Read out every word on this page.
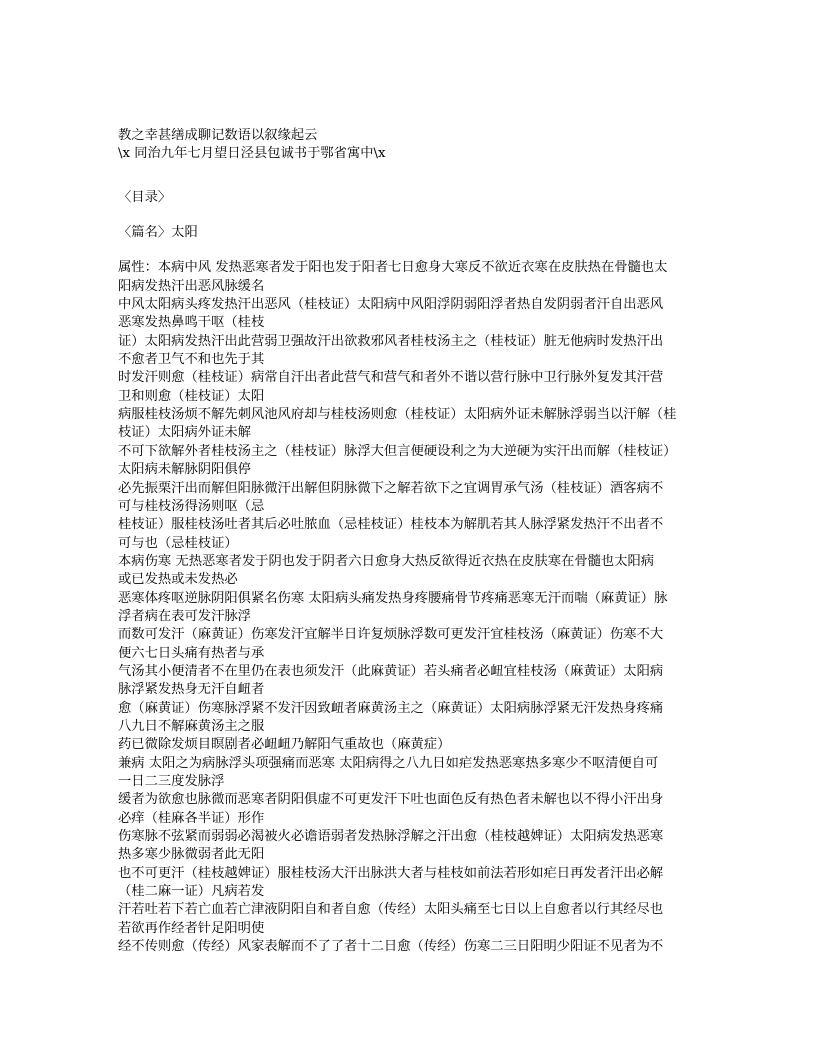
教之幸甚缮成聊记数语以叙缘起云
\x 同治九年七月望日泾县包诚书于鄂省寓中\x
〈目录〉
〈篇名〉太阳
属性：本病中风 发热恶寒者发于阳也发于阳者七日愈身大寒反不欲近衣寒在皮肤热在骨髓也太
阳病发热汗出恶风脉缓名
中风太阳病头疼发热汗出恶风（桂枝证）太阳病中风阳浮阴弱阳浮者热自发阴弱者汗自出恶风
恶寒发热鼻鸣干呕（桂枝
证）太阳病发热汗出此营弱卫强故汗出欲救邪风者桂枝汤主之（桂枝证）脏无他病时发热汗出
不愈者卫气不和也先于其
时发汗则愈（桂枝证）病常自汗出者此营气和营气和者外不谐以营行脉中卫行脉外复发其汗营
卫和则愈（桂枝证）太阳
病服桂枝汤烦不解先刺风池风府却与桂枝汤则愈（桂枝证）太阳病外证未解脉浮弱当以汗解（桂
枝证）太阳病外证未解
不可下欲解外者桂枝汤主之（桂枝证）脉浮大但言便硬设利之为大逆硬为实汗出而解（桂枝证）
太阳病未解脉阴阳俱停
必先振栗汗出而解但阳脉微汗出解但阴脉微下之解若欲下之宜调胃承气汤（桂枝证）酒客病不
可与桂枝汤得汤则呕（忌
桂枝证）服桂枝汤吐者其后必吐脓血（忌桂枝证）桂枝本为解肌若其人脉浮紧发热汗不出者不
可与也（忌桂枝证）
本病伤寒 无热恶寒者发于阴也发于阴者六日愈身大热反欲得近衣热在皮肤寒在骨髓也太阳病
或已发热或未发热必
恶寒体疼呕逆脉阴阳俱紧名伤寒 太阳病头痛发热身疼腰痛骨节疼痛恶寒无汗而喘（麻黄证）脉
浮者病在表可发汗脉浮
而数可发汗（麻黄证）伤寒发汗宜解半日许复烦脉浮数可更发汗宜桂枝汤（麻黄证）伤寒不大
便六七日头痛有热者与承
气汤其小便清者不在里仍在表也须发汗（此麻黄证）若头痛者必衄宜桂枝汤（麻黄证）太阳病
脉浮紧发热身无汗自衄者
愈（麻黄证）伤寒脉浮紧不发汗因致衄者麻黄汤主之（麻黄证）太阳病脉浮紧无汗发热身疼痛
八九日不解麻黄汤主之服
药已微除发烦目瞑剧者必衄衄乃解阳气重故也（麻黄症）
兼病 太阳之为病脉浮头项强痛而恶寒 太阳病得之八九日如疟发热恶寒热多寒少不呕清便自可
一日二三度发脉浮
缓者为欲愈也脉微而恶寒者阴阳俱虚不可更发汗下吐也面色反有热色者未解也以不得小汗出身
必痒（桂麻各半证）形作
伤寒脉不弦紧而弱弱必渴被火必谵语弱者发热脉浮解之汗出愈（桂枝越婢证）太阳病发热恶寒
热多寒少脉微弱者此无阳
也不可更汗（桂枝越婢证）服桂枝汤大汗出脉洪大者与桂枝如前法若形如疟日再发者汗出必解
（桂二麻一证）凡病若发
汗若吐若下若亡血若亡津液阴阳自和者自愈（传经）太阳头痛至七日以上自愈者以行其经尽也
若欲再作经者针足阳明使
经不传则愈（传经）风家表解而不了了者十二日愈（传经）伤寒二三日阳明少阳证不见者为不
